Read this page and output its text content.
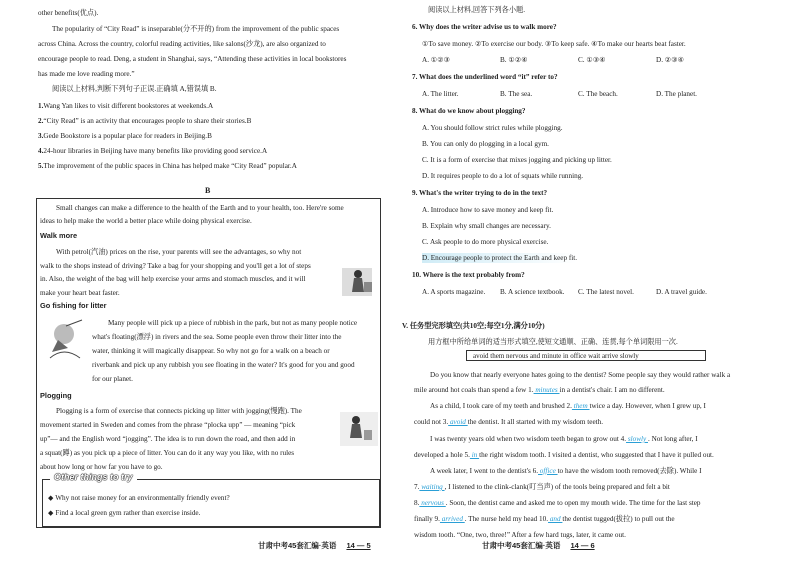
other benefits(优点).
The popularity of “City Read” is inseparable(分不开的) from the improvement of the public spaces
across China. Across the country, colorful reading activities, like salons(沙龙), are also organized to
encourage people to read. Deng, a student in Shanghai, says, “Attending these activities in local bookstores
has made me love reading more.”
阅读以上材料,判断下列句子正误.正确填 A,错误填 B.
1.Wang Yan likes to visit different bookstores at weekends.A
2.“City Read” is an activity that encourages people to share their stories.B
3.Gede Bookstore is a popular place for readers in Beijing.B
4.24-hour libraries in Beijing have many benefits like providing good service.A
5.The improvement of the public spaces in China has helped make “City Read” popular.A
Small changes can make a difference to the health of the Earth and to your health, too. Here're some
ideas to help make the world a better place while doing physical exercise.
Walk more
With petrol(汽油) prices on the rise, your parents will see the advantages, so why not
walk to the shops instead of driving? Take a bag for your shopping and you'll get a lot of steps
in. Also, the weight of the bag will help exercise your arms and stomach muscles, and it will
make your heart beat faster.
Go fishing for litter
Many people will pick up a piece of rubbish in the park, but not as many people notice
what's floating(漂浮) in rivers and the sea. Some people even throw their litter into the
water, thinking it will magically disappear. So why not go for a walk on a beach or
riverbank and pick up any rubbish you see floating in the water? It's good for you and good
for our planet.
Plogging
Plogging is a form of exercise that connects picking up litter with jogging(慢跑). The
movement started in Sweden and comes from the phrase “plocka upp” — meaning “pick
up”— and the English word “jogging”. The idea is to run down the road, and then add in
a squat(蹲) as you pick up a piece of litter. You can do it any way you like, with no rules
about how long or how far you have to go.
◆ Why not raise money for an environmentally friendly event?
◆ Find a local green gym rather than exercise inside.
阅读以上材料,回答下列各小题.
6. Why does the writer advise us to walk more?
①To save money. ②To exercise our body. ③To keep safe. ④To make our hearts beat faster.
A. ①②③	B. ①②④	C. ①③④	D. ②③④
7. What does the underlined word “it” refer to?
A. The litter.	B. The sea.	C. The beach.	D. The planet.
8. What do we know about plogging?
A. You should follow strict rules while plogging.
B. You can only do plogging in a local gym.
C. It is a form of exercise that mixes jogging and picking up litter.
D. It requires people to do a lot of squats while running.
9. What's the writer trying to do in the text?
A. Introduce how to save money and keep fit.
B. Explain why small changes are necessary.
C. Ask people to do more physical exercise.
D. Encourage people to protect the Earth and keep fit.
10. Where is the text probably from?
A. A sports magazine. B. A science textbook. C. The latest novel.	D. A travel guide.
V. 任务型完形填空(共10空;每空1分,满分10分)
用方框中所给单词的适当形式填空,使短文通顺、正确、连贯,每个单词限用一次.
Do you know that nearly everyone hates going to the dentist? Some people say they would rather walk a
mile around hot coals than spend a few 1. minutes in a dentist's chair. I am no different.
As a child, I took care of my teeth and brushed 2. them twice a day. However, when I grew up, I
could not 3. avoid the dentist. It all started with my wisdom teeth.
I was twenty years old when two wisdom teeth began to grow out 4. slowly . Not long after, I
developed a hole 5. in the right wisdom tooth. I visited a dentist, who suggested that I have it pulled out.
A week later, I went to the dentist's 6. office to have the wisdom tooth removed(去除). While I
7. waiting , I listened to the clink-clank(叮当声) of the tools being prepared and felt a bit
8. nervous . Soon, the dentist came and asked me to open my mouth wide. The time for the last step
finally 9. arrived . The nurse held my head 10. and the dentist tugged(拔拉) to pull out the
wisdom tooth. “One, two, three!” After a few hard tugs, later, it came out.
B
Other things to try
avoid them nervous and minute in office wait arrive slowly
甘肃中考45套汇编·英语 14 — 5	甘肃中考45套汇编·英语 14 — 6
